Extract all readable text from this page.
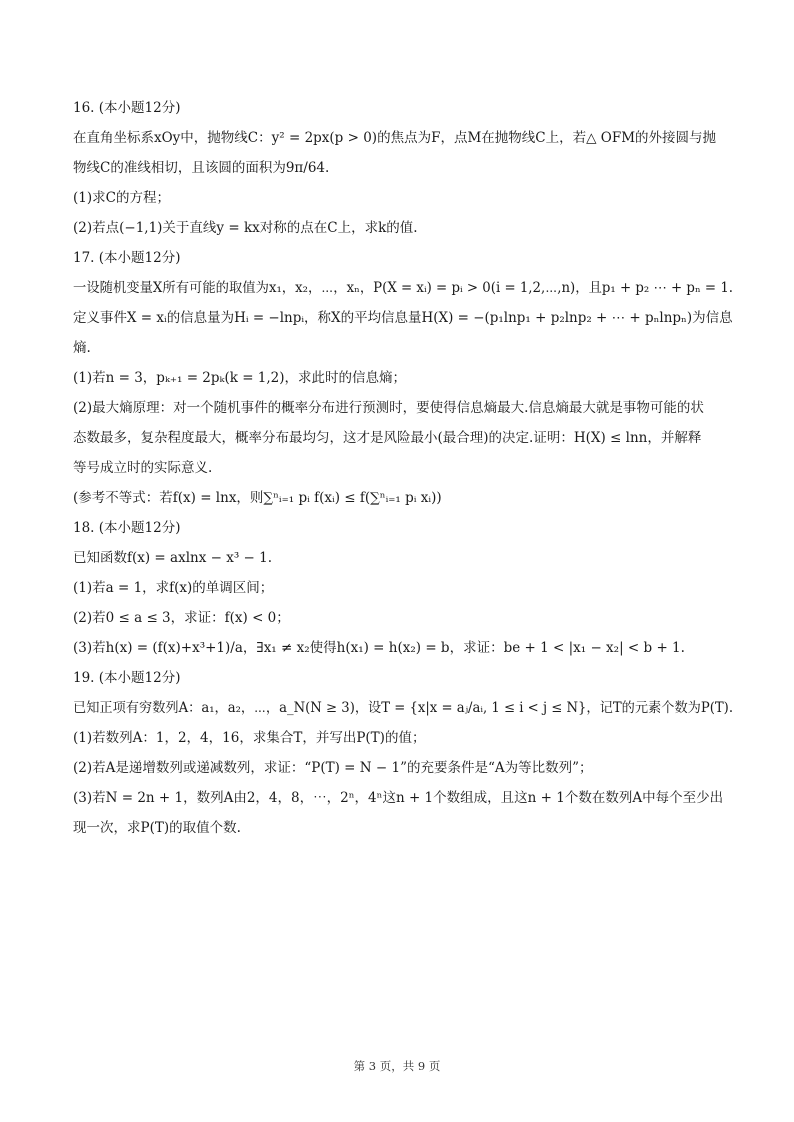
16. (本小题12分)
在直角坐标系xOy中，抛物线C：y² = 2px(p > 0)的焦点为F，点M在抛物线C上，若△ OFM的外接圆与抛
物线C的准线相切，且该圆的面积为9π/64.
(1)求C的方程；
(2)若点(−1,1)关于直线y = kx对称的点在C上，求k的值.
17. (本小题12分)
一设随机变量X所有可能的取值为x₁，x₂，⋯，xₙ，P(X = xᵢ) = pᵢ > 0(i = 1,2,⋯,n)，且p₁ + p₂ ⋯ + pₙ = 1.
定义事件X = xᵢ的信息量为Hᵢ = −lnpᵢ，称X的平均信息量H(X) = −(p₁lnp₁ + p₂lnp₂ + ⋯ + pₙlnpₙ)为信息
熵.
(1)若n = 3，pₖ₊₁ = 2pₖ(k = 1,2)，求此时的信息熵；
(2)最大熵原理：对一个随机事件的概率分布进行预测时，要使得信息熵最大.信息熵最大就是事物可能的状
态数最多，复杂程度最大，概率分布最均匀，这才是风险最小(最合理)的决定.证明：H(X) ≤ lnn，并解释
等号成立时的实际意义.
(参考不等式：若f(x) = lnx，则∑ⁿᵢ₌₁ pᵢ f(xᵢ) ≤ f(∑ⁿᵢ₌₁ pᵢ xᵢ))
18. (本小题12分)
已知函数f(x) = axlnx − x³ − 1.
(1)若a = 1，求f(x)的单调区间；
(2)若0 ≤ a ≤ 3，求证：f(x) < 0；
(3)若h(x) = (f(x)+x³+1)/a，∃x₁ ≠ x₂使得h(x₁) = h(x₂) = b，求证：be + 1 < |x₁ − x₂| < b + 1.
19. (本小题12分)
已知正项有穷数列A：a₁，a₂，⋯，a_N(N ≥ 3)，设T = {x|x = aⱼ/aᵢ, 1 ≤ i < j ≤ N}，记T的元素个数为P(T).
(1)若数列A：1，2，4，16，求集合T，并写出P(T)的值；
(2)若A是递增数列或递减数列，求证：“P(T) = N − 1”的充要条件是“A为等比数列”；
(3)若N = 2n + 1，数列A由2，4，8，⋯，2ⁿ，4ⁿ这n + 1个数组成，且这n + 1个数在数列A中每个至少出
现一次，求P(T)的取值个数.
第 3 页，共 9 页
